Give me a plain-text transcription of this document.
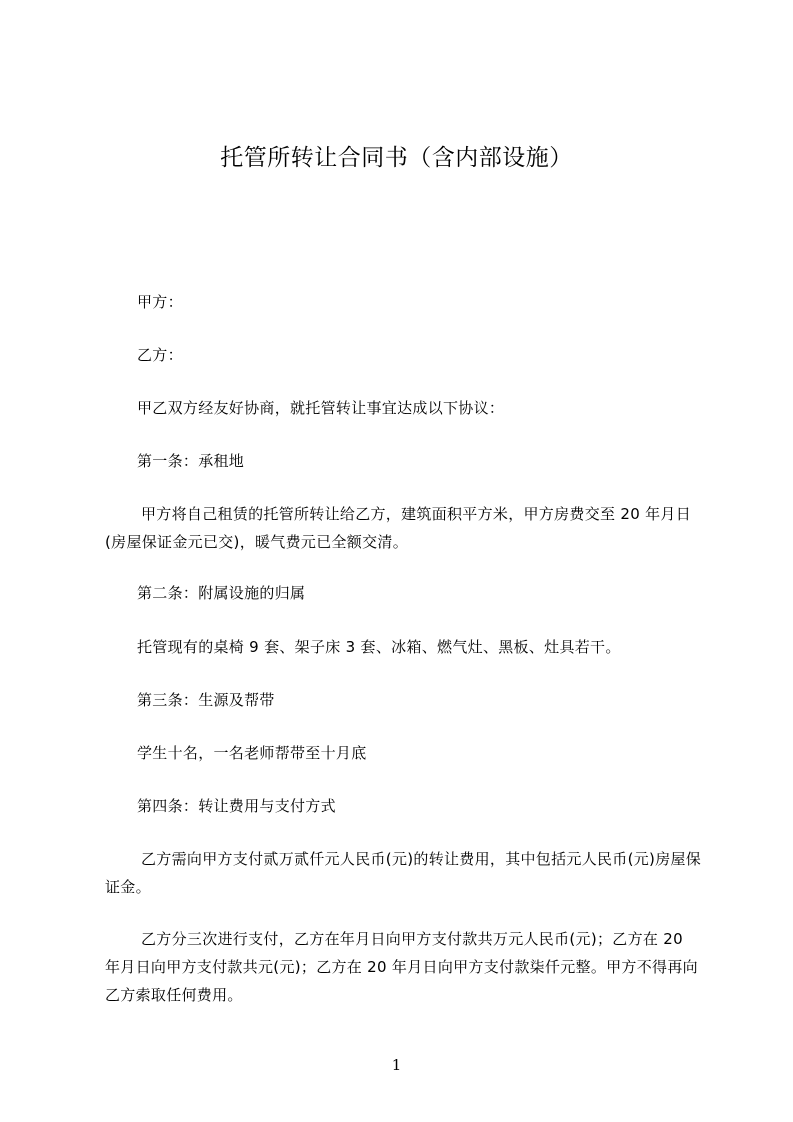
托管所转让合同书（含内部设施）
甲方：
乙方：
甲乙双方经友好协商，就托管转让事宜达成以下协议：
第一条：承租地
甲方将自己租赁的托管所转让给乙方，建筑面积平方米，甲方房费交至 20 年月日(房屋保证金元已交)，暖气费元已全额交清。
第二条：附属设施的归属
托管现有的桌椅 9 套、架子床 3 套、冰箱、燃气灶、黑板、灶具若干。
第三条：生源及帮带
学生十名，一名老师帮带至十月底
第四条：转让费用与支付方式
乙方需向甲方支付贰万贰仟元人民币(元)的转让费用，其中包括元人民币(元)房屋保证金。
乙方分三次进行支付，乙方在年月日向甲方支付款共万元人民币(元)；乙方在 20 年月日向甲方支付款共元(元)；乙方在 20 年月日向甲方支付款柒仟元整。甲方不得再向乙方索取任何费用。
1
